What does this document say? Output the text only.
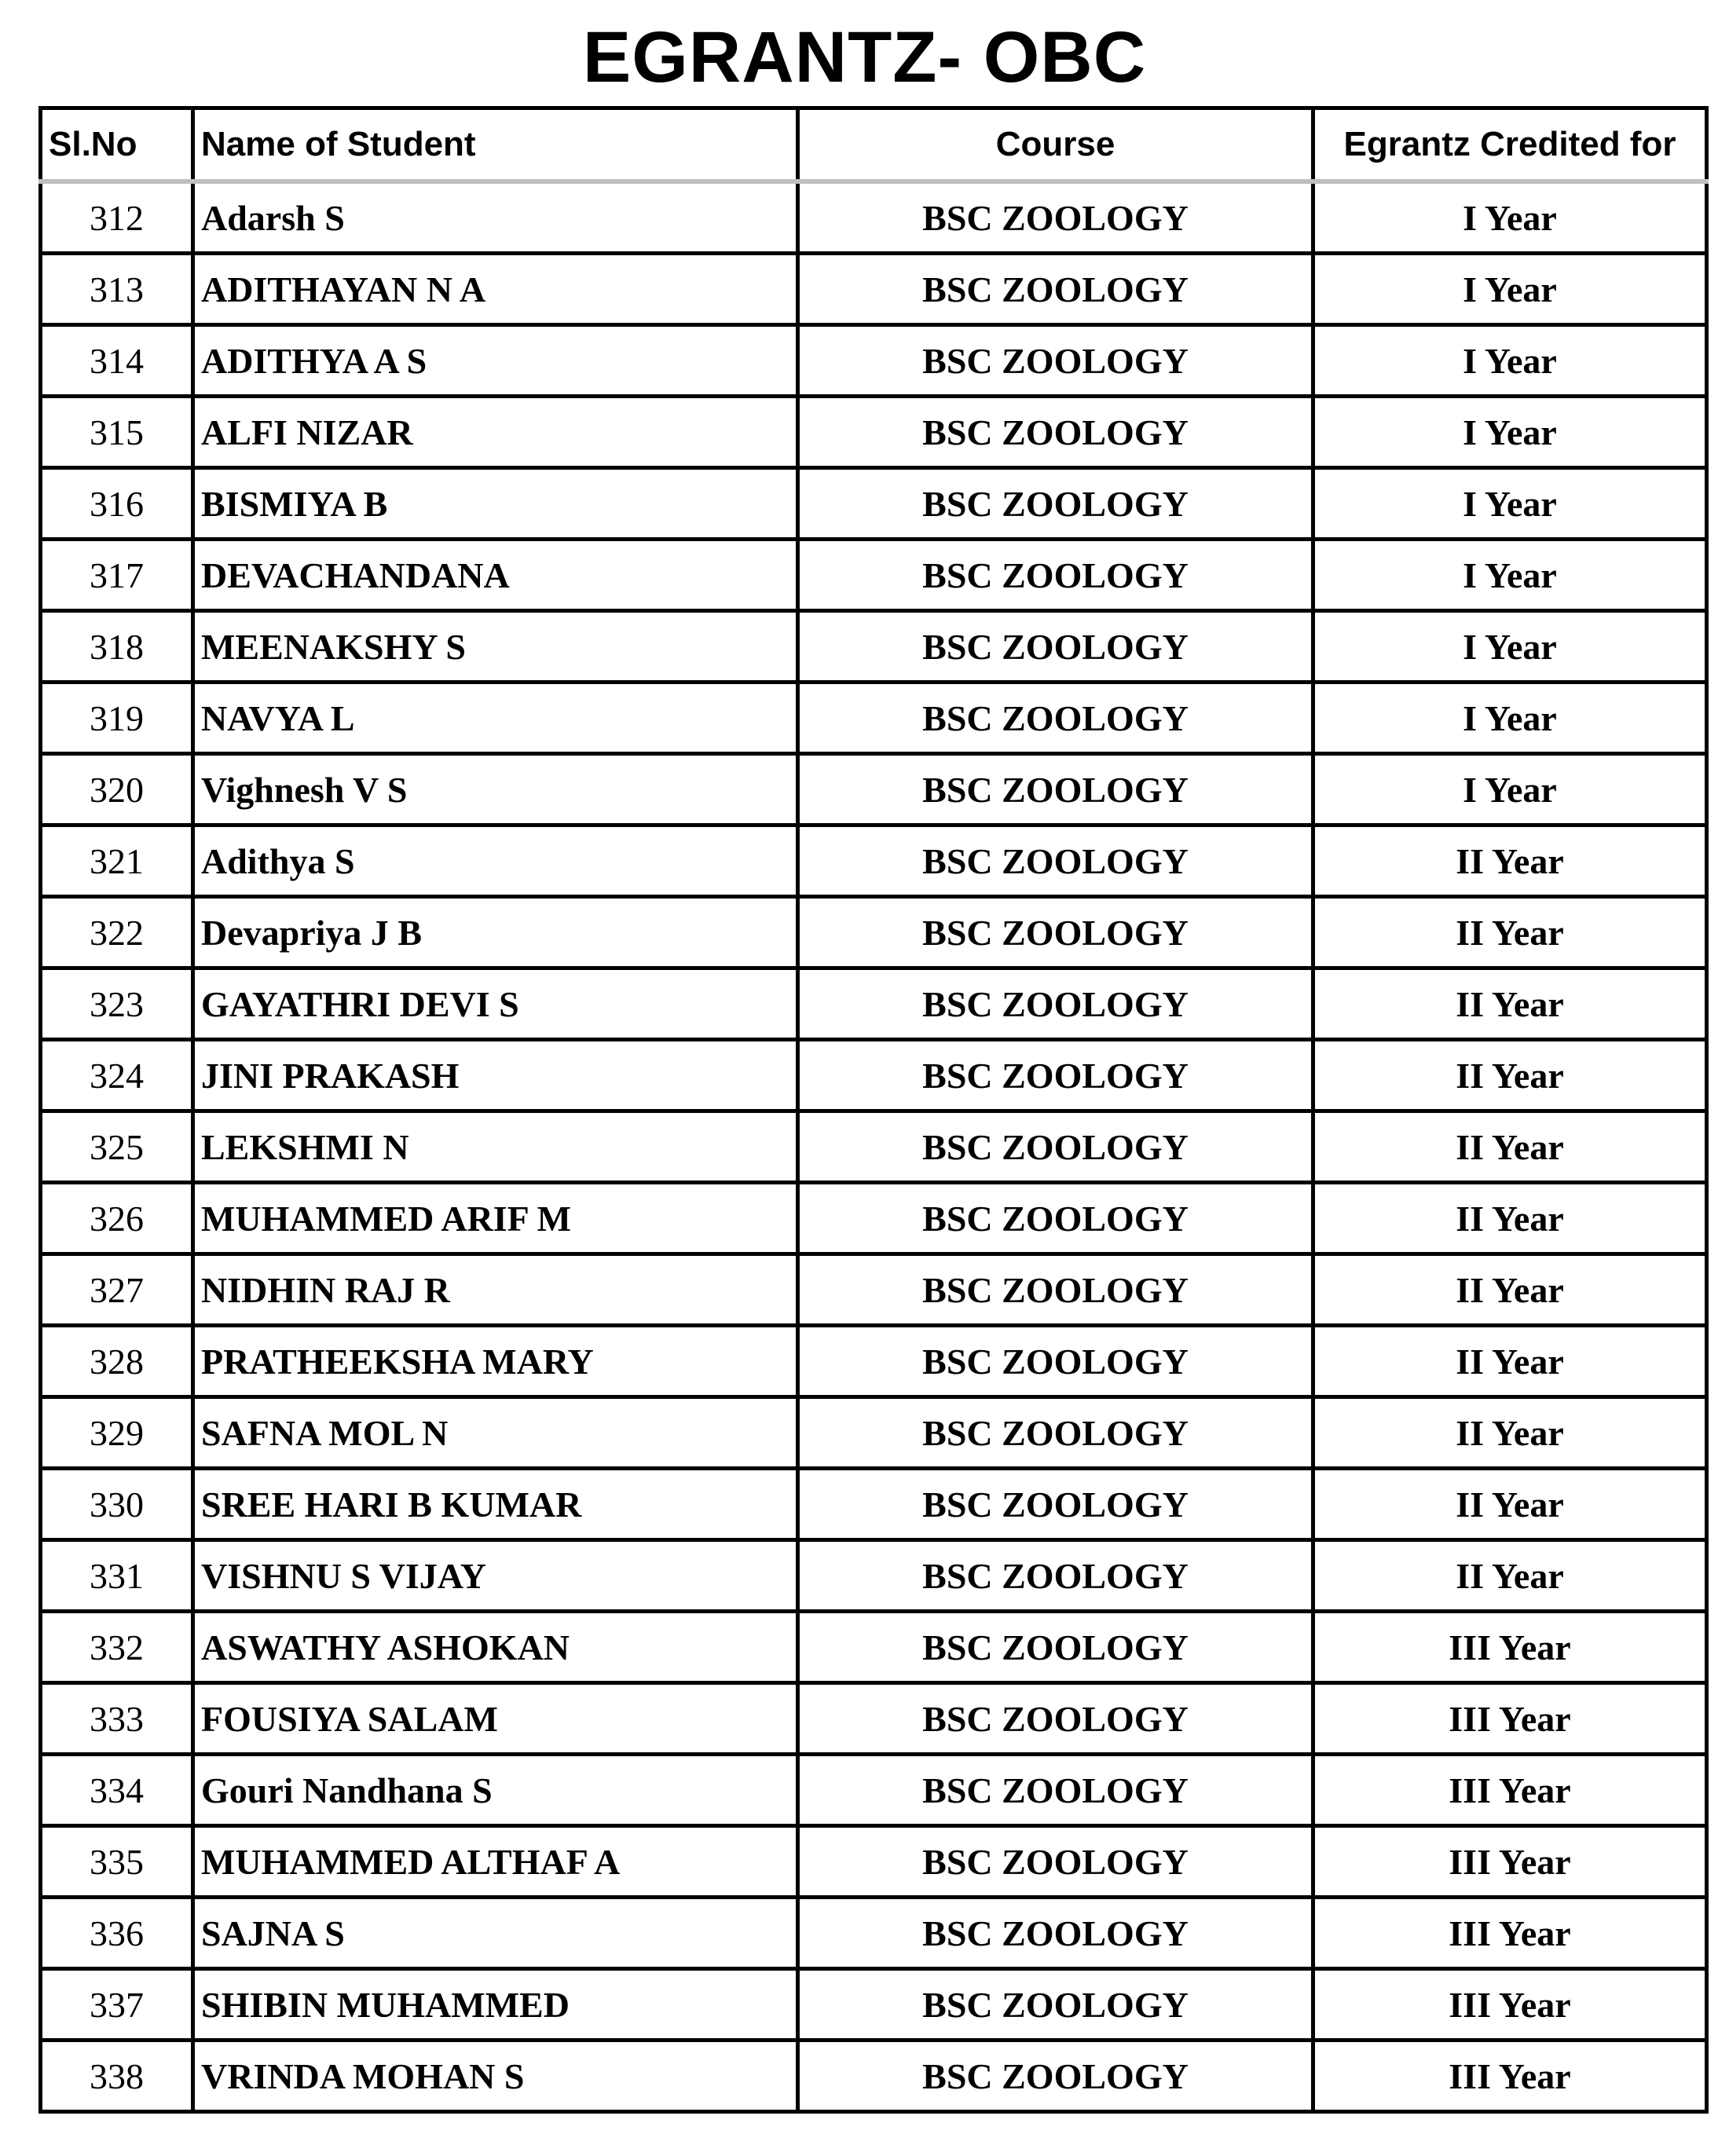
EGRANTZ- OBC
Sl.No	Name of Student	Course	Egrantz Credited for
312	Adarsh S	BSC ZOOLOGY	I Year
313	ADITHAYAN N A	BSC ZOOLOGY	I Year
314	ADITHYA A S	BSC ZOOLOGY	I Year
315	ALFI NIZAR	BSC ZOOLOGY	I Year
316	BISMIYA B	BSC ZOOLOGY	I Year
317	DEVACHANDANA	BSC ZOOLOGY	I Year
318	MEENAKSHY S	BSC ZOOLOGY	I Year
319	NAVYA L	BSC ZOOLOGY	I Year
320	Vighnesh V S	BSC ZOOLOGY	I Year
321	Adithya S	BSC ZOOLOGY	II Year
322	Devapriya J B	BSC ZOOLOGY	II Year
323	GAYATHRI DEVI S	BSC ZOOLOGY	II Year
324	JINI PRAKASH	BSC ZOOLOGY	II Year
325	LEKSHMI N	BSC ZOOLOGY	II Year
326	MUHAMMED ARIF M	BSC ZOOLOGY	II Year
327	NIDHIN RAJ R	BSC ZOOLOGY	II Year
328	PRATHEEKSHA MARY	BSC ZOOLOGY	II Year
329	SAFNA MOL N	BSC ZOOLOGY	II Year
330	SREE HARI B KUMAR	BSC ZOOLOGY	II Year
331	VISHNU S VIJAY	BSC ZOOLOGY	II Year
332	ASWATHY ASHOKAN	BSC ZOOLOGY	III Year
333	FOUSIYA SALAM	BSC ZOOLOGY	III Year
334	Gouri Nandhana S	BSC ZOOLOGY	III Year
335	MUHAMMED ALTHAF A	BSC ZOOLOGY	III Year
336	SAJNA S	BSC ZOOLOGY	III Year
337	SHIBIN MUHAMMED	BSC ZOOLOGY	III Year
338	VRINDA MOHAN S	BSC ZOOLOGY	III Year
